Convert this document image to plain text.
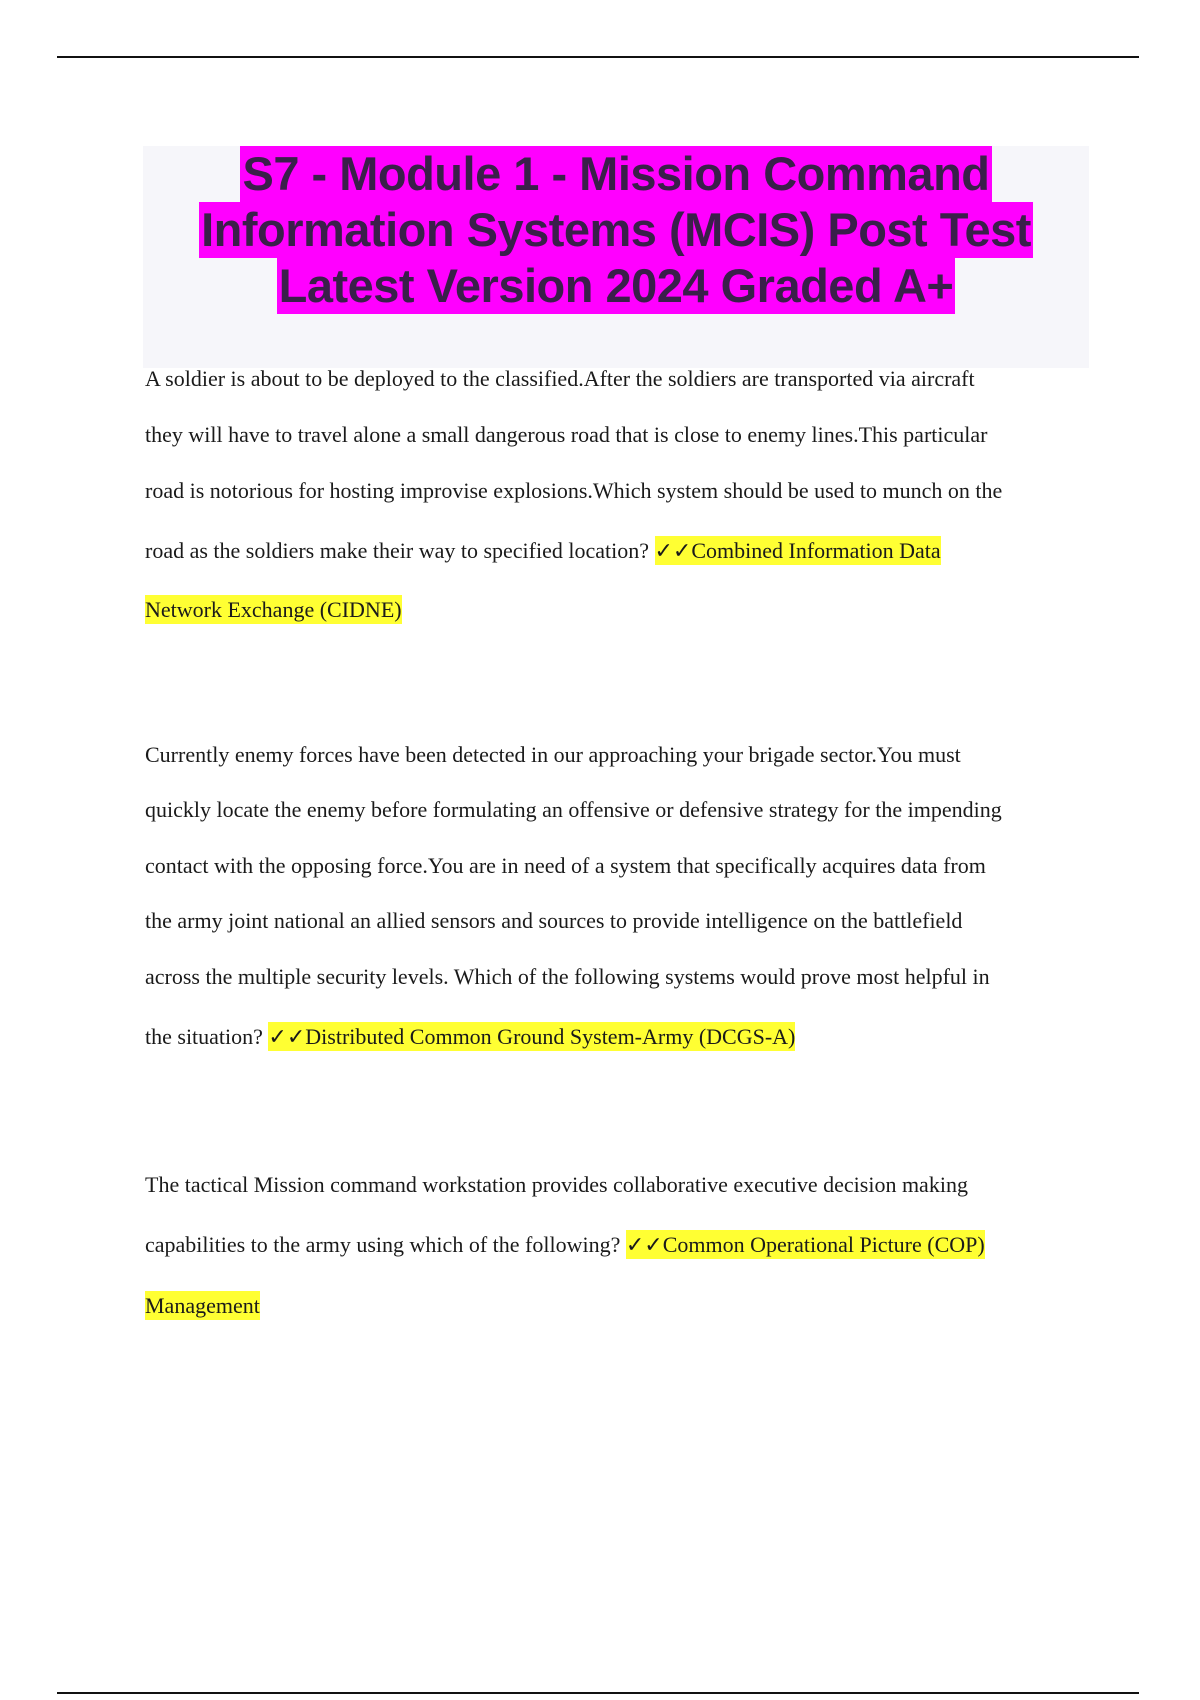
S7 - Module 1 - Mission Command
Information Systems (MCIS) Post Test
Latest Version 2024 Graded A+
A soldier is about to be deployed to the classified.After the soldiers are transported via aircraft
they will have to travel alone a small dangerous road that is close to enemy lines.This particular
road is notorious for hosting improvise explosions.Which system should be used to munch on the
road as the soldiers make their way to specified location? ✓✓Combined Information Data
Network Exchange (CIDNE)
Currently enemy forces have been detected in our approaching your brigade sector.You must
quickly locate the enemy before formulating an offensive or defensive strategy for the impending
contact with the opposing force.You are in need of a system that specifically acquires data from
the army joint national an allied sensors and sources to provide intelligence on the battlefield
across the multiple security levels. Which of the following systems would prove most helpful in
the situation? ✓✓Distributed Common Ground System-Army (DCGS-A)
The tactical Mission command workstation provides collaborative executive decision making
capabilities to the army using which of the following? ✓✓Common Operational Picture (COP)
Management
